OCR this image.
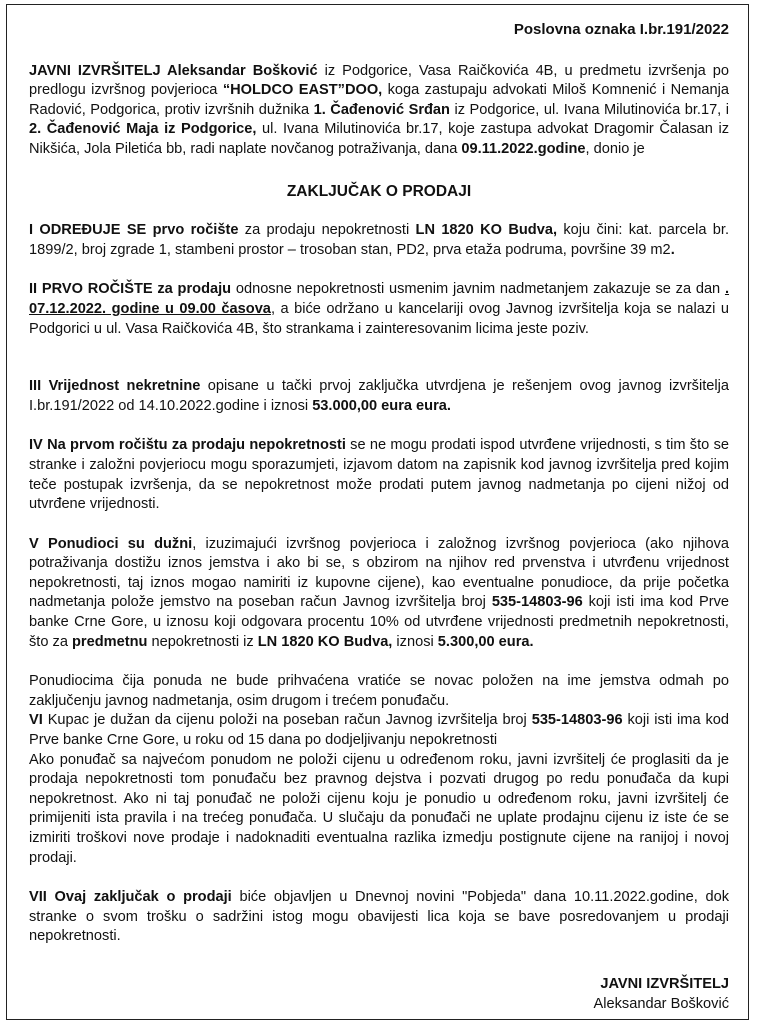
Poslovna oznaka I.br.191/2022

JAVNI IZVRŠITELJ Aleksandar Bošković iz Podgorice, Vasa Raičkovića 4B, u predmetu izvršenja po predlogu izvršnog povjerioca “HOLDCO EAST”DOO, koga zastupaju advokati Miloš Komnenić i Nemanja Radović, Podgorica, protiv izvršnih dužnika 1. Čađenović Srđan iz Podgorice, ul. Ivana Milutinovića br.17, i 2. Čađenović Maja iz Podgorice, ul. Ivana Milutinovića br.17, koje zastupa advokat Dragomir Čalasan iz Nikšića, Jola Piletića bb, radi naplate novčanog potraživanja, dana 09.11.2022.godine, donio je

ZAKLJUČAK O PRODAJI

I ODREĐUJE SE prvo ročište za prodaju nepokretnosti LN 1820 KO Budva, koju čini: kat. parcela br. 1899/2, broj zgrade 1, stambeni prostor – trosoban stan, PD2, prva etaža podruma, površine 39 m2.

II PRVO ROČIŠTE za prodaju odnosne nepokretnosti usmenim javnim nadmetanjem zakazuje se za dan . 07.12.2022. godine u 09.00 časova, a biće održano u kancelariji ovog Javnog izvršitelja koja se nalazi u Podgorici u ul. Vasa Raičkovića 4B, što strankama i zainteresovanim licima jeste poziv.

III Vrijednost nekretnine opisane u tački prvoj zaključka utvrdjena je rešenjem ovog javnog izvršitelja I.br.191/2022 od 14.10.2022.godine i iznosi 53.000,00 eura eura.

IV Na prvom ročištu za prodaju nepokretnosti se ne mogu prodati ispod utvrđene vrijednosti, s tim što se stranke i založni povjeriocu mogu sporazumjeti, izjavom datom na zapisnik kod javnog izvršitelja pred kojim teče postupak izvršenja, da se nepokretnost može prodati putem javnog nadmetanja po cijeni nižoj od utvrđene vrijednosti.

V Ponudioci su dužni, izuzimajući izvršnog povjerioca i založnog izvršnog povjerioca (ako njihova potraživanja dostižu iznos jemstva i ako bi se, s obzirom na njihov red prvenstva i utvrđenu vrijednost nepokretnosti, taj iznos mogao namiriti iz kupovne cijene), kao eventualne ponudioce, da prije početka nadmetanja polože jemstvo na poseban račun Javnog izvršitelja broj 535-14803-96 koji isti ima kod Prve banke Crne Gore, u iznosu koji odgovara procentu 10% od utvrđene vrijednosti predmetnih nepokretnosti, što za predmetnu nepokretnosti iz LN 1820 KO Budva, iznosi 5.300,00 eura.

Ponudiocima čija ponuda ne bude prihvaćena vratiće se novac položen na ime jemstva odmah po zaključenju javnog nadmetanja, osim drugom i trećem ponuđaču.

VI Kupac je dužan da cijenu položi na poseban račun Javnog izvršitelja broj 535-14803-96 koji isti ima kod Prve banke Crne Gore, u roku od 15 dana po dodjeljivanju nepokretnosti

Ako ponuđač sa najvećom ponudom ne položi cijenu u određenom roku, javni izvršitelj će proglasiti da je prodaja nepokretnosti tom ponuđaču bez pravnog dejstva i pozvati drugog po redu ponuđača da kupi nepokretnost. Ako ni taj ponuđač ne položi cijenu koju je ponudio u određenom roku, javni izvršitelj će primijeniti ista pravila i na trećeg ponuđača. U slučaju da ponuđači ne uplate prodajnu cijenu iz iste će se izmiriti troškovi nove prodaje i nadoknaditi eventualna razlika izmedju postignute cijene na ranijoj i novoj prodaji.

VII Ovaj zaključak o prodaji biće objavljen u Dnevnoj novini "Pobjeda" dana 10.11.2022.godine, dok stranke o svom trošku o sadržini istog mogu obavijesti lica koja se bave posredovanjem u prodaji nepokretnosti.

JAVNI IZVRŠITELJ
Aleksandar Bošković
